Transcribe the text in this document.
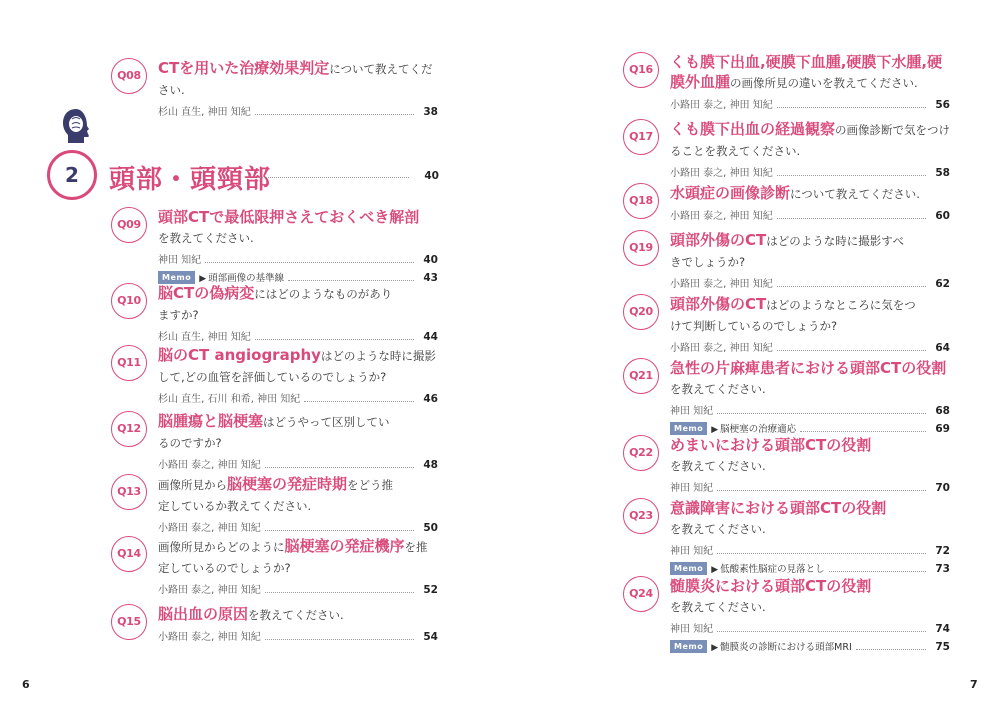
Q08	CTを用いた治療効果判定について教えてください.
杉山 直生, 神田 知紀	38
2	頭部・頭頸部	40
Q09	頭部CTで最低限押さえておくべき解剖
を教えてください.
神田 知紀	40
Memo ▶ 頭部画像の基準線	43
Q10	脳CTの偽病変にはどのようなものがありますか?
杉山 直生, 神田 知紀	44
Q11	脳のCT angiographyはどのような時に撮影して,どの血管を評価しているのでしょうか?
杉山 直生, 石川 和希, 神田 知紀	46
Q12	脳腫瘍と脳梗塞はどうやって区別しているのですか?
小路田 泰之, 神田 知紀	48
Q13	画像所見から脳梗塞の発症時期をどう推定しているか教えてください.
小路田 泰之, 神田 知紀	50
Q14	画像所見からどのように脳梗塞の発症機序を推定しているのでしょうか?
小路田 泰之, 神田 知紀	52
Q15	脳出血の原因を教えてください.
小路田 泰之, 神田 知紀	54
6
Q16	くも膜下出血,硬膜下血腫,硬膜下水腫,硬膜外血腫の画像所見の違いを教えてください.
小路田 泰之, 神田 知紀	56
Q17	くも膜下出血の経過観察の画像診断で気をつけることを教えてください.
小路田 泰之, 神田 知紀	58
Q18	水頭症の画像診断について教えてください.
小路田 泰之, 神田 知紀	60
Q19	頭部外傷のCTはどのような時に撮影すべきでしょうか?
小路田 泰之, 神田 知紀	62
Q20	頭部外傷のCTはどのようなところに気をつけて判断しているのでしょうか?
小路田 泰之, 神田 知紀	64
Q21	急性の片麻痺患者における頭部CTの役割
を教えてください.
神田 知紀	68
Memo ▶ 脳梗塞の治療適応	69
Q22	めまいにおける頭部CTの役割
を教えてください.
神田 知紀	70
Q23	意識障害における頭部CTの役割
を教えてください.
神田 知紀	72
Memo ▶ 低酸素性脳症の見落とし	73
Q24	髄膜炎における頭部CTの役割
を教えてください.
神田 知紀	74
Memo ▶ 髄膜炎の診断における頭部MRI	75
7
